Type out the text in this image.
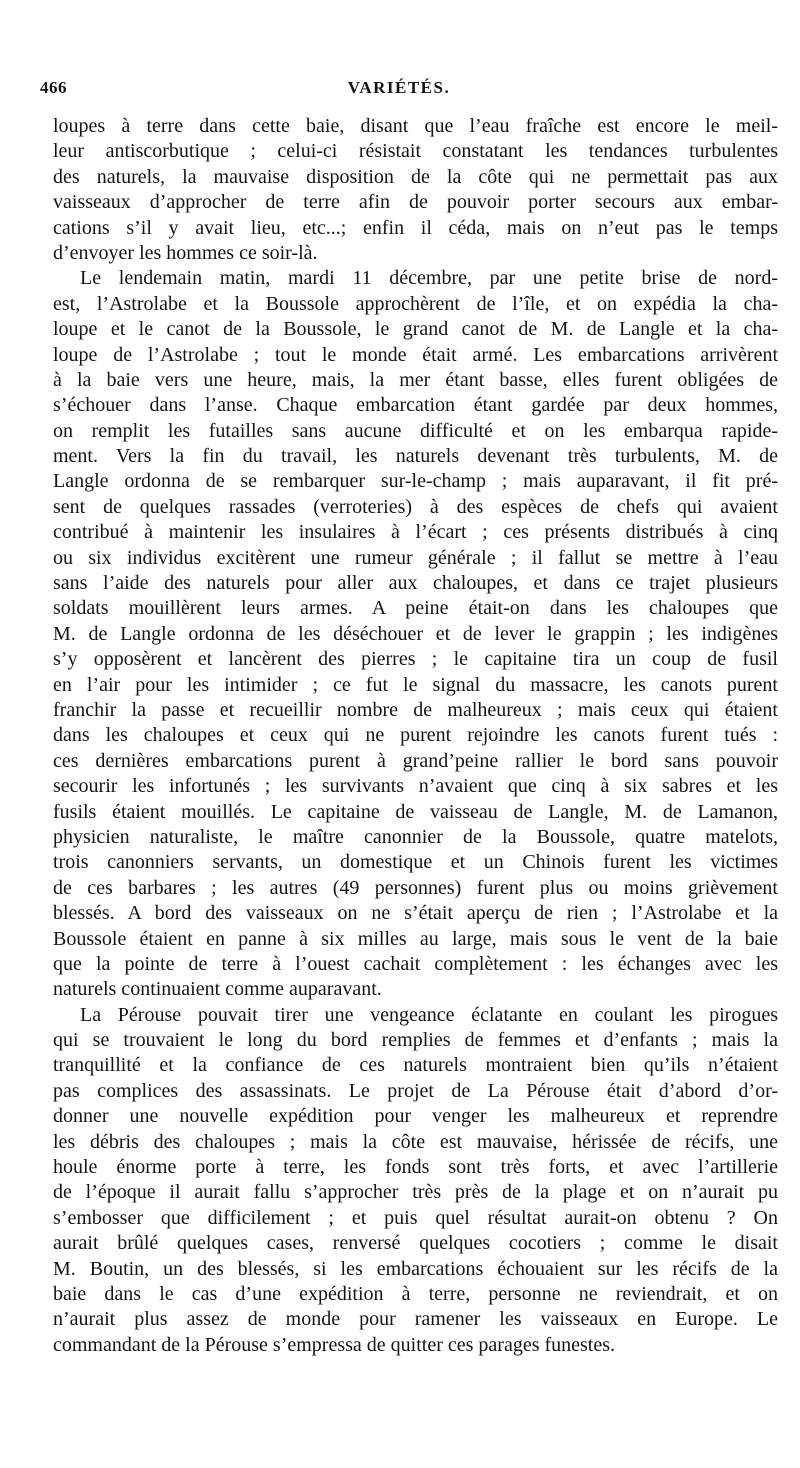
466	VARIÉTÉS.
loupes à terre dans cette baie, disant que l’eau fraîche est encore le meil-
leur antiscorbutique ; celui-ci résistait constatant les tendances turbulentes
des naturels, la mauvaise disposition de la côte qui ne permettait pas aux
vaisseaux d’approcher de terre afin de pouvoir porter secours aux embar-
cations s’il y avait lieu, etc...; enfin il céda, mais on n’eut pas le temps
d’envoyer les hommes ce soir-là.
Le lendemain matin, mardi 11 décembre, par une petite brise de nord-
est, l’Astrolabe et la Boussole approchèrent de l’île, et on expédia la cha-
loupe et le canot de la Boussole, le grand canot de M. de Langle et la cha-
loupe de l’Astrolabe ; tout le monde était armé. Les embarcations arrivèrent
à la baie vers une heure, mais, la mer étant basse, elles furent obligées de
s’échouer dans l’anse. Chaque embarcation étant gardée par deux hommes,
on remplit les futailles sans aucune difficulté et on les embarqua rapide-
ment. Vers la fin du travail, les naturels devenant très turbulents, M. de
Langle ordonna de se rembarquer sur-le-champ ; mais auparavant, il fit pré-
sent de quelques rassades (verroteries) à des espèces de chefs qui avaient
contribué à maintenir les insulaires à l’écart ; ces présents distribués à cinq
ou six individus excitèrent une rumeur générale ; il fallut se mettre à l’eau
sans l’aide des naturels pour aller aux chaloupes, et dans ce trajet plusieurs
soldats mouillèrent leurs armes. A peine était-on dans les chaloupes que
M. de Langle ordonna de les déséchouer et de lever le grappin ; les indigènes
s’y opposèrent et lancèrent des pierres ; le capitaine tira un coup de fusil
en l’air pour les intimider ; ce fut le signal du massacre, les canots purent
franchir la passe et recueillir nombre de malheureux ; mais ceux qui étaient
dans les chaloupes et ceux qui ne purent rejoindre les canots furent tués :
ces dernières embarcations purent à grand’peine rallier le bord sans pouvoir
secourir les infortunés ; les survivants n’avaient que cinq à six sabres et les
fusils étaient mouillés. Le capitaine de vaisseau de Langle, M. de Lamanon,
physicien naturaliste, le maître canonnier de la Boussole, quatre matelots,
trois canonniers servants, un domestique et un Chinois furent les victimes
de ces barbares ; les autres (49 personnes) furent plus ou moins grièvement
blessés. A bord des vaisseaux on ne s’était aperçu de rien ; l’Astrolabe et la
Boussole étaient en panne à six milles au large, mais sous le vent de la baie
que la pointe de terre à l’ouest cachait complètement : les échanges avec les
naturels continuaient comme auparavant.
La Pérouse pouvait tirer une vengeance éclatante en coulant les pirogues
qui se trouvaient le long du bord remplies de femmes et d’enfants ; mais la
tranquillité et la confiance de ces naturels montraient bien qu’ils n’étaient
pas complices des assassinats. Le projet de La Pérouse était d’abord d’or-
donner une nouvelle expédition pour venger les malheureux et reprendre
les débris des chaloupes ; mais la côte est mauvaise, hérissée de récifs, une
houle énorme porte à terre, les fonds sont très forts, et avec l’artillerie
de l’époque il aurait fallu s’approcher très près de la plage et on n’aurait pu
s’embosser que difficilement ; et puis quel résultat aurait-on obtenu ? On
aurait brûlé quelques cases, renversé quelques cocotiers ; comme le disait
M. Boutin, un des blessés, si les embarcations échouaient sur les récifs de la
baie dans le cas d’une expédition à terre, personne ne reviendrait, et on
n’aurait plus assez de monde pour ramener les vaisseaux en Europe. Le
commandant de la Pérouse s’empressa de quitter ces parages funestes.
